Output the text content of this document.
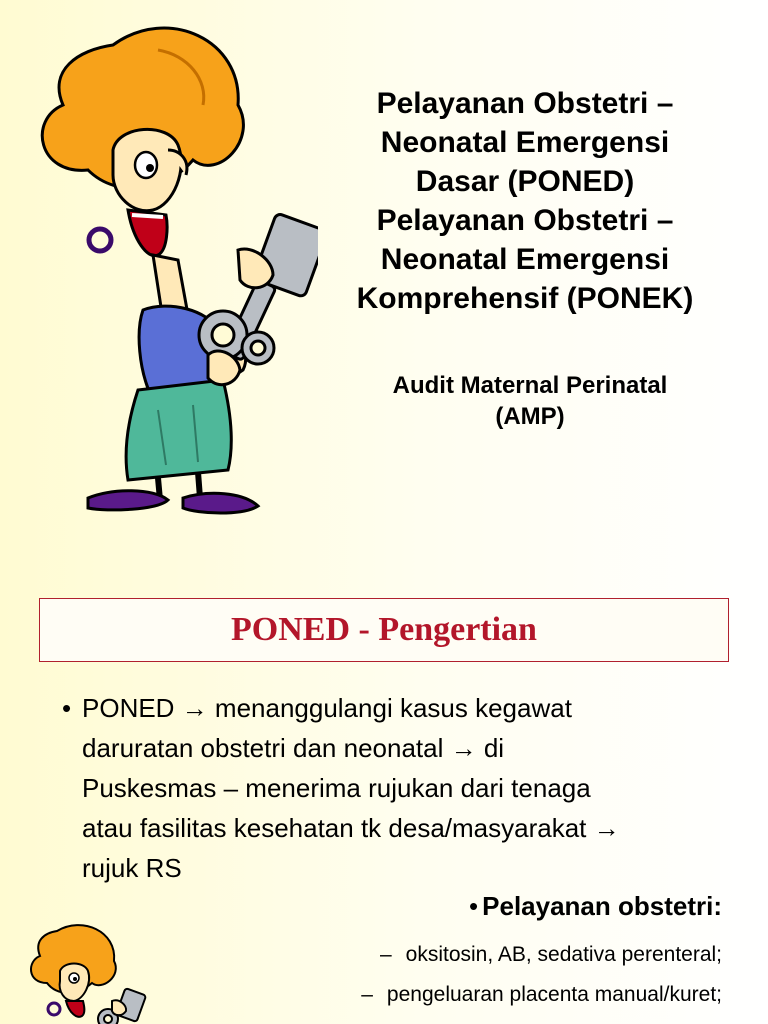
Pelayanan Obstetri –
Neonatal Emergensi
Dasar (PONED)
Pelayanan Obstetri –
Neonatal Emergensi
Komprehensif (PONEK)
Audit Maternal Perinatal
(AMP)
PONED - Pengertian
• PONED → menanggulangi kasus kegawat
daruratan obstetri dan neonatal → di
Puskesmas – menerima rujukan dari tenaga
atau fasilitas kesehatan tk desa/masyarakat →
rujuk RS
• Pelayanan obstetri:
– oksitosin, AB, sedativa perenteral;
– pengeluaran placenta manual/kuret;
